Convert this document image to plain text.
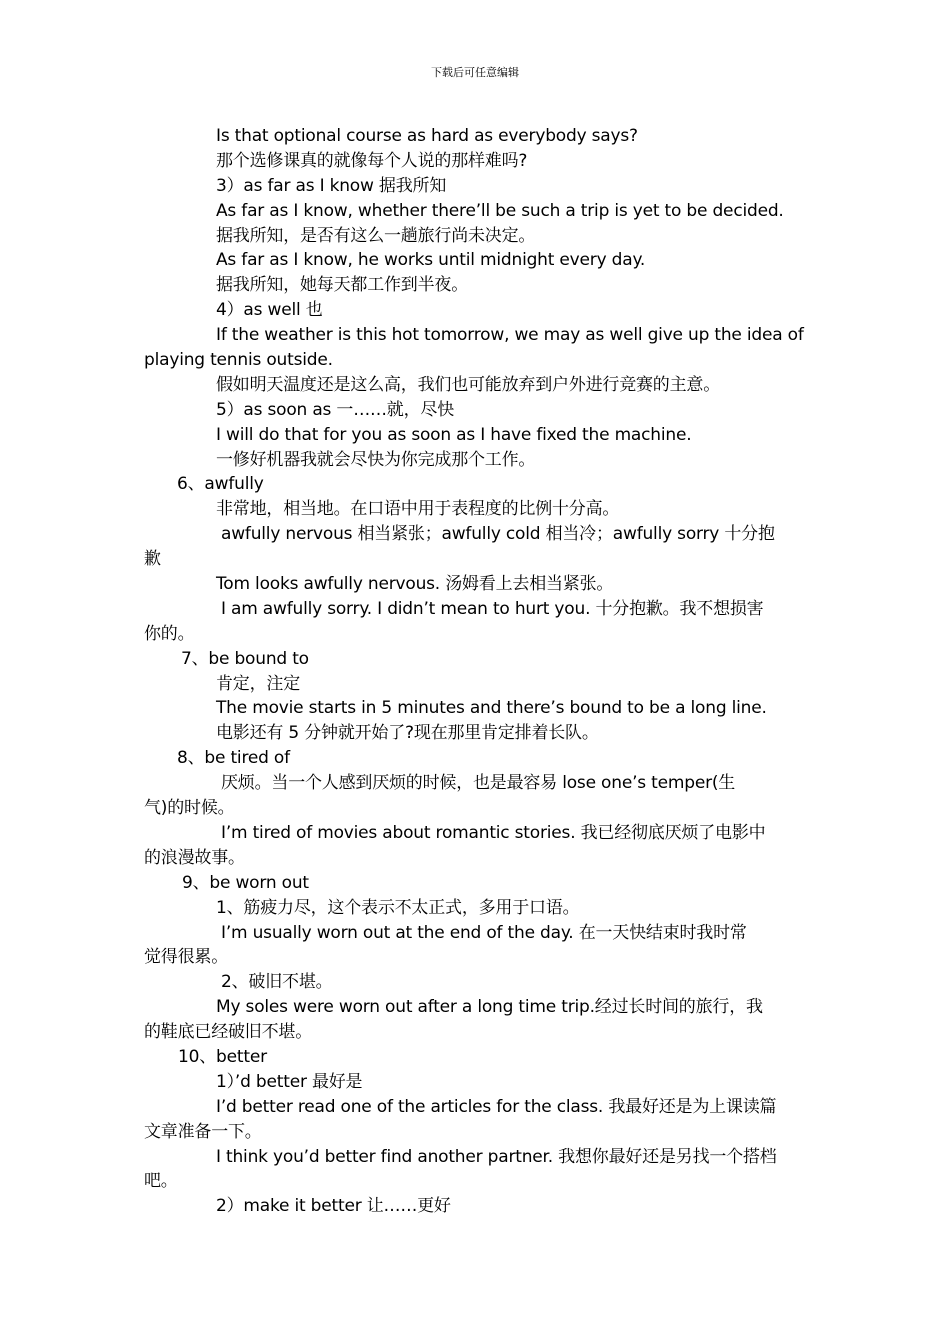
下载后可任意编辑
Is that optional course as hard as everybody says?
那个选修课真的就像每个人说的那样难吗?
3）as far as I know 据我所知
As far as I know, whether there’ll be such a trip is yet to be decided.
据我所知，是否有这么一趟旅行尚未决定。
As far as I know, he works until midnight every day.
据我所知，她每天都工作到半夜。
4）as well 也
If the weather is this hot tomorrow, we may as well give up the idea of
playing tennis outside.
假如明天温度还是这么高，我们也可能放弃到户外进行竞赛的主意。
5）as soon as 一……就，尽快
I will do that for you as soon as I have fixed the machine.
一修好机器我就会尽快为你完成那个工作。
6、awfully
非常地，相当地。在口语中用于表程度的比例十分高。
awfully nervous 相当紧张；awfully cold 相当冷；awfully sorry 十分抱
歉
Tom looks awfully nervous. 汤姆看上去相当紧张。
I am awfully sorry. I didn’t mean to hurt you. 十分抱歉。我不想损害
你的。
7、be bound to
肯定，注定
The movie starts in 5 minutes and there’s bound to be a long line.
电影还有 5 分钟就开始了?现在那里肯定排着长队。
8、be tired of
厌烦。当一个人感到厌烦的时候，也是最容易 lose one’s temper(生
气)的时候。
I’m tired of movies about romantic stories. 我已经彻底厌烦了电影中
的浪漫故事。
9、be worn out
1、筋疲力尽，这个表示不太正式，多用于口语。
I’m usually worn out at the end of the day. 在一天快结束时我时常
觉得很累。
2、破旧不堪。
My soles were worn out after a long time trip.经过长时间的旅行，我
的鞋底已经破旧不堪。
10、better
1）’d better 最好是
I’d better read one of the articles for the class. 我最好还是为上课读篇
文章准备一下。
I think you’d better find another partner. 我想你最好还是另找一个搭档
吧。
2）make it better 让……更好
